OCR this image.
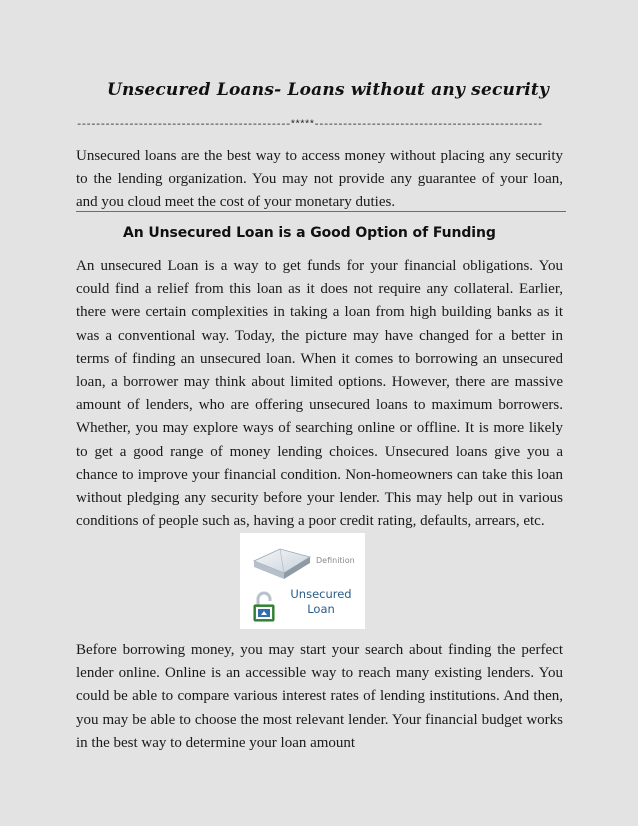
Unsecured Loans- Loans without any security
---------------------------------------------*****------------------------------------------------

Unsecured loans are the best way to access money without placing any security to the lending organization. You may not provide any guarantee of your loan, and you cloud meet the cost of your monetary duties.

An Unsecured Loan is a Good Option of Funding

An unsecured Loan is a way to get funds for your financial obligations. You could find a relief from this loan as it does not require any collateral. Earlier, there were certain complexities in taking a loan from high building banks as it was a conventional way. Today, the picture may have changed for a better in terms of finding an unsecured loan. When it comes to borrowing an unsecured loan, a borrower may think about limited options. However, there are massive amount of lenders, who are offering unsecured loans to maximum borrowers. Whether, you may explore ways of searching online or offline. It is more likely to get a good range of money lending choices. Unsecured loans give you a chance to improve your financial condition. Non-homeowners can take this loan without pledging any security before your lender. This may help out in various conditions of people such as, having a poor credit rating, defaults, arrears, etc.

Definition
Unsecured
Loan

Before borrowing money, you may start your search about finding the perfect lender online. Online is an accessible way to reach many existing lenders. You could be able to compare various interest rates of lending institutions. And then, you may be able to choose the most relevant lender. Your financial budget works in the best way to determine your loan amount
